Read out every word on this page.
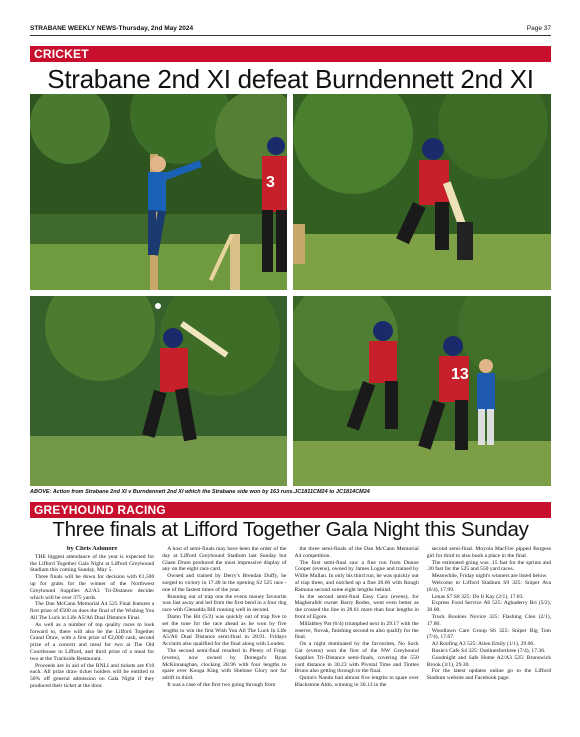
STRABANE WEEKLY NEWS-Thursday, 2nd May 2024	Page 37
CRICKET
Strabane 2nd XI defeat Burndennett 2nd XI
3
13
ABOVE: Action from Strabane 2nd XI v Burndennett 2nd XI which the Strabane side won by 163 runs.JC1811CM24 to JC1814CM24
GREYHOUND RACING
Three finals at Lifford Together Gala Night this Sunday

by Chris Ashmore

THE biggest attendance of the year is expected for the Lifford Together Gala Night at Lifford Greyhound Stadium this coming Sunday, May 5.

Three finals will be down for decision with €1,500 up for grabs for the winner of the Northwest Greyhound Supplies A2/A3 Tri-Distance decider which will be over 375 yards.

The Dan McCann Memorial A4 525 Final features a first prize of €500 as does the final of the Wishing You All The Luck in Life A5/A6 Dual Distance Final.

As well as a number of top quality races to look forward to, there will also be the Lifford Together Grand Draw, with a first prize of €2,000 cash, second prize of a concert and meal for two at The Old Courthouse in Lifford, and third prize of a meal for two at the Trackside Restaurant.

Proceeds are in aid of the RNLI and tickets are €10 each. All prize draw ticket holders will be entitled to 50% off general admission on Gala Night if they produced their ticket at the door.

A host of semi-finals may have been the order of the day at Lifford Greyhound Stadium last Sunday but Glaen Drum produced the most impressive display of any on the eight race card.

Owned and trained by Derry's Brendan Duffy, he surged to victory in 17.48 in the opening S2 525 race - one of the fastest times of the year.

Running out of trap one the evens money favourite was fast away and led from the first bend in a four dog race with Glenadda Bill running well in second.

Damn The Bit (5/2) was quickly out of trap five to set the tone for the race ahead as he won by five lengths to win the first Wish You All The Luck In Life A5/A6 Dual Distance semi-final in 28.91. Fridays Acclaim also qualified for the final along with Loudez.

The second semi-final resulted in Plenty of Frogs (evens), now owned by Donegal's Ryan McKinnaughan, clocking 28.96 with four lengths to spare over Kooga King with Shelone Glory not far adrift in third.

It was a case of the first two going through from

the three semi-finals of the Dan McCann Memorial A4 competition.

The first semi-final saw a fine run from Dunoe Cooper (evens), owned by James Logue and trained by Willie Mullan. In only his third run, he was quickly out of trap three, and notched up a fine 28.66 with Rough Ramona second some eight lengths behind.

In the second semi-final Easy Cara (evens), for Magherafelt owner Barry Rodes, went even better as she crossed the line in 28.61 more than four lengths in front of Egore.

Millabbey Pat (6/4) triumphed next in 29.17 with the reserve, Novak, finishing second to also qualify for the final.

On a night dominated by the favourites, No Sock Gar (evens) won the first of the NW Greyhound Supplies Tri-Distance semi-finals, covering the 550 yard distance in 30.23 with Pivotal Time and Tintles Bruno also getting through to the final.

Quinn's Nando had almost five lengths to spare over Blackstone Aldo, winning in 30.13 in the

second semi-final. Moyola MacFire pipped Burgess girl for third to also book a place in the final.

The estimated going was .15 fast for the sprints and .30 fast for the 525 and 550 yard races.

Meanwhile, Friday night's winners are listed below.

Welcome to Lifford Stadium S9 325: Sniper Ava (6/4), 17.99.

Lenas S7 S8 325: Do It Kay (2/1), 17.83.

Express Food Service A6 525: Aghaderry Bri (5/2), 30.00.

Truck Bookies Novice 325: Flashing Cleo (2/1), 17.80.

Woodlawn Care Group S6 325: Sniper Big Tom (7/4), 17.67.

AJ Roofing A3 525: Alien Emily (1/1), 29.06.

Rosie's Cafe S4 325: Outlinesforthree (7/4), 17.36.

Goodnight and Safe Home A2/A3 525: Brunswick Brook (3/1), 29.30.

For the latest updates online go to the Lifford Stadium website and Facebook page.
